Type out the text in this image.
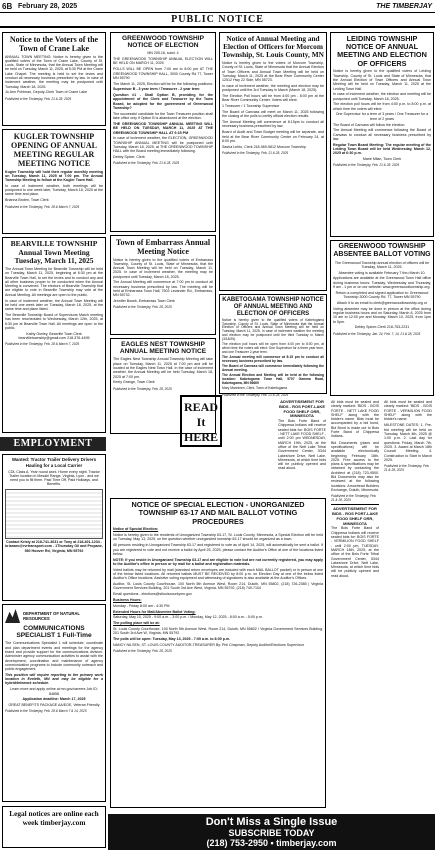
6B February 28, 2025	THE TIMBERJAY
PUBLIC NOTICE
Notice to the Voters of the Town of Crane Lake
ANNUAL TOWN MEETING: Notice is hereby given to the qualified voters of the Town of Crane Lake, County of St. Louis, State of Minnesota, that the Annual Town Meeting will be held on Tuesday, March 11, 2025, at 5:30 PM at the Crane Lake Chapel. The meeting is held to set the levies and conduct all necessary business prescribed by law. In case of inclement weather, the meeting may be postponed until Tuesday, March 18, 2025.
Jo Ann Pohlman, Deputy-Clerk Town of Crane Lake
Published in the Timberjay, Feb. 21 & 28, 2025
KUGLER TOWNSHIP OPENING OF ANNUAL MEETING REGULAR MEETING NOTICE
Kugler Township will hold their regular monthly meeting on Tuesday, March 11, 2025 at 7:00 pm. The Annual Township Meeting to follow at the Kugler Town Hall.
In case of inclement weather, both meetings will be postponed to one week later, Tuesday, March 18, 2025 at the same time and place.
Brianna Broten, Town Clerk
Published in the Timberjay, Feb. 28 & March 7, 2025
BEARVILLE TOWNSHIP Annual Town Meeting Tuesday, March 11, 2025
The Annual Town Meeting for Bearville Township will be held on Tuesday, March 11, 2025, beginning at 6:30 pm at the Bearville Town Hall, to set the levies and to conduct any and all other business proper to be conducted when the Annual Meeting is convened. The electors of Bearville Township that are eligible to vote in Bearville Township may vote at the Annual Meeting. All meetings are open to the public.
In case of inclement weather, the Annual Town Meeting will be held one week later on Tuesday, March 18, 2025, at the same time and place listed.
The Bearville Township Board of Supervisors March meeting has been rescheduled to Wednesday, March 12th, 2025, at 6:30 pm at Bearville Town Hall. All meetings are open to the public.
Kathy Oseley, Bearville Town Clerk bearvilletownship@gmail.com 218-376-4495
Published in the Timberjay, Feb. 28 & March 7, 2025
EMPLOYMENT
Wanted: Tractor Trailer Delivery Drivers Hauling for a Local Carrier
CDL Class A. Year round work. Home every night. Tractor Trailer location in Mesabi Range, Virginia, Lyon - and we need you to fill them. Paid Time Off, Paid Holidays, and Benefits.
Contact Kristy at 218-741-3631 or Tony at 218-401-1234 - brianaro@rvrtransport.com - 1Thursday Oil and Propane, 930 Hoover Rd, Virginia, MN 55792
DEPARTMENT OF NATURAL RESOURCES
COMMUNICATIONS SPECIALIST 1 Full-Time
The Communications Specialist 1 will schedule, coordinate and plan department events and meetings for the agency brand and provide support for the communications division. Administer agency communication activities to assist with the development, coordination and maintenance of agency communication programs to include community outreach and public engagement.
This position will require reporting to the primary work location in Eveleth, MN and may be eligible for a hybrid/telework schedule.
Learn more and apply online at mn.gov/careers Job ID: 84858
Application deadline: March 17, 2025
GREAT BENEFITS PACKAGE AA/EOE, Veteran Friendly
Published in the Timberjay, Feb. 28 & March 7 & 14, 2025
Legal notices are online each week timberjay.com
GREENWOOD TOWNSHIP NOTICE OF ELECTION
MN 205.16, subd. 4
THE GREENWOOD TOWNSHIP ANNUAL ELECTION WILL BE HELD ON MARCH 11, 2025
POLLS WILL BE OPEN from 7:00 am to 8:00 pm AT THE GREENWOOD TOWNSHIP HALL, 3000 County Rd 77, Tower MN 55790
The March 11, 2025, Election will be for the following positions:
Supervisor B - 3 year term / Treasurer - 2 year term
Question #1 - Shall Option B, providing for the appointment of the Clerk and Treasurer by the Town Board, be adopted for the government of Greenwood Township?
The successful candidate for the Town Treasurer position shall take office only if Option B is abandoned at the election.
THE GREENWOOD TOWNSHIP ANNUAL MEETING WILL BE HELD ON TUESDAY, MARCH 11, 2025 AT THE GREENWOOD TOWNSHIP HALL AT 6:15 PM
In case of inclement weather, the ELECTION, GREENWOOD TOWNSHIP ANNUAL MEETING will be postponed until Tuesday, March 18, 2025, at THE GREENWOOD TOWNSHIP HALL with the Board meeting immediately following.
Debby Spicer, Clerk
Published in the Timberjay, Feb. 21 & 28, 2025
Town of Embarrass Annual Meeting Notice
Notice is hereby given to the qualified voters of Embarrass Township, County of St. Louis, State of Minnesota, that the Annual Town Meeting will be held on Tuesday, March 11, 2025. In case of inclement weather, the meeting may be postponed until Tuesday, March 18, 2025.
The Annual Meeting will commence at 7:00 pm to conduct all necessary business prescribed by law. The meeting will be held at Embarrass Town Hall, 7503 Levander Rd., Embarrass, MN 55732.
Jennifer Bosek, Embarrass Town Clerk
Published in the Timberjay, Feb. 28, 2025
EAGLES NEST TOWNSHIP ANNUAL MEETING NOTICE
The Eagles Nest Township Annual Township Meeting will take place on Tuesday, March 11, 2025 at 7:00 pm and will be located at the Eagles Nest Town Hall. In the case of inclement weather, the Annual Meeting will be held Tuesday, March 18, 2025 at 7:00 pm.
Keely Grange, Town Clerk
Published in the Timberjay, Feb. 28, 2025
NOTICE OF SPECIAL ELECTION - UNORGANIZED TOWNSHIP 63-17 AND MAIL BALLOT VOTING PROCEDURES
Notice of Special Election:
Notice is hereby given to the residents of Unorganized Township 63-17, St. Louis County, Minnesota, a Special Election will be held on Tuesday, May 13, 2025, on the question whether unorganized township 63-17 should be organized as a town.
All persons residing in Unorganized Township 63-17 and registered to vote as of April 14, 2025, will automatically be sent a ballot. If you are registered to vote and not receive a ballot by April 25, 2025, please contact the Auditor's Office at one of the locations listed below.
NOTE: If you reside in Unorganized Township 63-17 and are eligible to vote but are not currently registered, you may apply to the Auditor's office in person or by mail for a ballot and registration materials.
Voted ballots may be returned by mail (standard return envelopes are included with each MAIL BALLOT packet) or in person at one of the below listed locations. All returned ballots MUST BE RECEIVED by 8:00 p.m. on Election Day at one of the below listed Auditor's Office locations. Assistive voting equipment and witnessing of signatures is also available at the Auditor's Offices.
Auditor, St. Louis County Courthouse, 100 North 5th Avenue West, Room 214, Duluth, MN 55802, (218) 726-2385 | Virginia Government Services Building, 201 South 3rd Ave West, Virginia, MN 55792, (218) 749-7104
Email questions - elections@stlouiscountymn.gov
Business Hours:
Monday - Friday 8:00 am - 4:30 PM
Extended Hours for Mail/Absentee Ballot Voting:
Saturday, May 10, 2025 - 9:00 a.m. - 3:00 p.m. / Monday, May 12, 2025 - 8:00 a.m. - 5:00 p.m.
The polling place will be at:
St. Louis County Courthouse, 100 North 5th Avenue West, Room 214, Duluth, MN 55802 / Virginia Government Services Building, 201 South 3rd Ave W, Virginia, MN 55792
The polls will be open: Tuesday, May 13, 2025 - 7:00 a.m. to 8:00 p.m.
NANCY NILSEN, ST. LOUIS COUNTY AUDITOR-TREASURER By: Phil Chapman, Deputy Auditor/Elections Supervisor
Published in the Timberjay, Feb. 28, 2025
Notice of Annual Meeting and Election of Officers for Morcom Township, St. Louis County, MN
Notice is hereby given to the voters of Morcom Township, County of St. Louis, State of Minnesota that the Annual Election of Town Officers and Annual Town Meeting will be held on Tuesday, March 11, 2025 at the Bear River Community Center 12512 Hwy 22 Side, MN 55723.
In case of inclement weather, the meeting and election may be postponed until the 3rd Tuesday in March (March 18, 2025).
The Election Poll hours will be from 4:00 pm - 8:00 pm at the Bear River Community Center. Voters will elect:
1 Treasurer / 1 Township Supervisor
The Board of Canvass will meet on March 11, 2025 following the closing of the polls to certify official election results.
The Annual Meeting will commence at 8:15pm to conduct all necessary business prescribed by law.
Board of Audit and Town Budget meeting will be separate, and held at the Bear River Community Center on February 24, at 6:00 pm.
Sasha Lehto, Clerk 218-969-5812 Morcom Township
Published in the Timberjay, Feb. 21 & 28, 2025
KABETOGAMA TOWNSHIP NOTICE OF ANNUAL MEETING AND ELECTION OF OFFICERS
Notice is hereby given to the qualified voters of Kabetogama Township, County of St. Louis, State of Minnesota that the Annual Election of Officers and Annual Town Meeting will be held on Tuesday, March 11, 2025. In case of inclement weather the meeting and election may be postponed until the third Tuesday in March (3/18/25).
The election poll hours will be open from 4:00 pm to 8:00 pm, at which time the voters will elect: One Supervisor for a three year term, and one Treasurer 2-year term.
The Annual meeting will commence at 8:15 pm to conduct all necessary business prescribed by law.
The Board of Canvass will commence immediately following the Annual meeting.
The Annual Election and Meeting will be held at the following location: Kabetogama Town Hall, 9707 Gamma Road, Kabetogama, MN 56669
Mary Manninen, Clerk, Town of Kabetogama
Published in the Timberjay, Feb. 21 & 28, 2025
READ It HERE
ADVERTISEMENT FOR BIDS - ROS PORT-LAKE FOOD SHELF ORR, MINNESOTA
The Bois Forte Band of Chippewa Indians will receive sealed bids for: BOIS FORTE - NETT LAKE FOOD SHELF - until 2:00 pm WEDNESDAY, MARCH 19th, 2025, at the office of the Nett Lake Tribal Government Center, 5344 Lakeshore Drive, Nett Lake, Minnesota, at which time bids will be publicly opened and read aloud.
All bids must be sealed and clearly marked: 'BIDS - BOIS FORTE - NETT LAKE FOOD SHELF' along with the bidder's name. Bids must be accompanied by a bid bond, Bid Bond is made out to Bois Forte Band of Chippewa Indians.
Bid Documents (plans and specifications) will be available electronically beginning February 18th, 2025. Free access to the plans & specifications may be obtained by contacting the Architect at (218) 723-9500. Bid Documents may also be reviewed at the following locations: Arrowhead Builders Exchange, Duluth, Minnesota.
Published in the Timberjay, Feb. 21 & 28, 2025
ADVERTISEMENT FOR BIDS - ROS PORT-LAKE FOOD SHELF ORR, MINNESOTA
The Bois Forte Band of Chippewa Indians will receive sealed bids for: BOIS FORTE - VERMILION FOOD SHELF - until 2:00 pm, TUESDAY, MARCH 18th, 2025, at the office of the Bois Forte Tribal Government Center, 5344 Lakeshore Drive, Nett Lake, Minnesota, at which time bids will be publicly opened and read aloud.
All bids must be sealed and clearly marked: 'BIDS - BOIS FORTE - VERMILION FOOD SHELF' along with the bidder's name.
MILESTONE DATES: 1. Pre-bid meeting will be held on Tuesday, March 4th, 2025 @ 1:00 p.m. 2. Last day for questions: Friday, March 7th, 2025. 3. Award at March 18th Council Meeting. 4. Construction to Start in March 2025.
Published in the Timberjay, Feb. 21 & 28, 2025
LEIDING TOWNSHIP NOTICE OF ANNUAL MEETING AND ELECTION OF OFFICERS
Notice is hereby given to the qualified voters of Leiding Township, County of St. Louis and State of Minnesota, that the Annual Election of Town Officers and Annual Town Meeting will be held on Tuesday, March 11, 2025 at the Leiding Town Hall.
In case of inclement weather, the election and meeting will be postponed until Tuesday, March 18, 2025.
The election poll hours will be from 4:00 p.m. to 8:00 p.m. at which time the voters will elect:
One Supervisor for a term of 3 years / One Treasurer for a term of 2 years
The Board of Canvass will follow the election.
The Annual Meeting will commence following the Board of Canvass to conduct all necessary business prescribed by law.
Regular Town Board Meeting: The regular meeting of the Leiding Town Board will be held Wednesday, March 12, 2025 at 6:30 p.m.
Marie Milan, Town Clerk
Published in the Timberjay, Feb. 21 & 28, 2025
GREENWOOD TOWNSHIP ABSENTEE BALLOT VOTING
The Greenwood Township annual election of officers will be Tuesday, March 11, 2025.
Absentee voting is available February 7 thru March 10.
Applications are available at the Greenwood Town Hall office during business hours: Tuesday, Wednesday and Thursday, 9 am - 1 pm or on our website: www.greenwoodtownship.org.
Return a completed and signed application to: Greenwood Township 3000 County Rd. 77, Tower MN 55790
Attach it to an email to clerk@greenwoodtownship.org or
Voting absentee may be done in person at the office during regular business hours and on Saturday, March 8, 2025 from 10 am to 12:00 pm and Monday, March 10, 2025, from 1pm to 5pm.
Debby Spicer-Clerk 218-753-2231
Published in the Timberjay, Jan. 24, Feb. 7, 14, 21 & 28, 2025
Don't Miss a Single Issue
SUBSCRIBE TODAY
(218) 753-2950 • timberjay.com
